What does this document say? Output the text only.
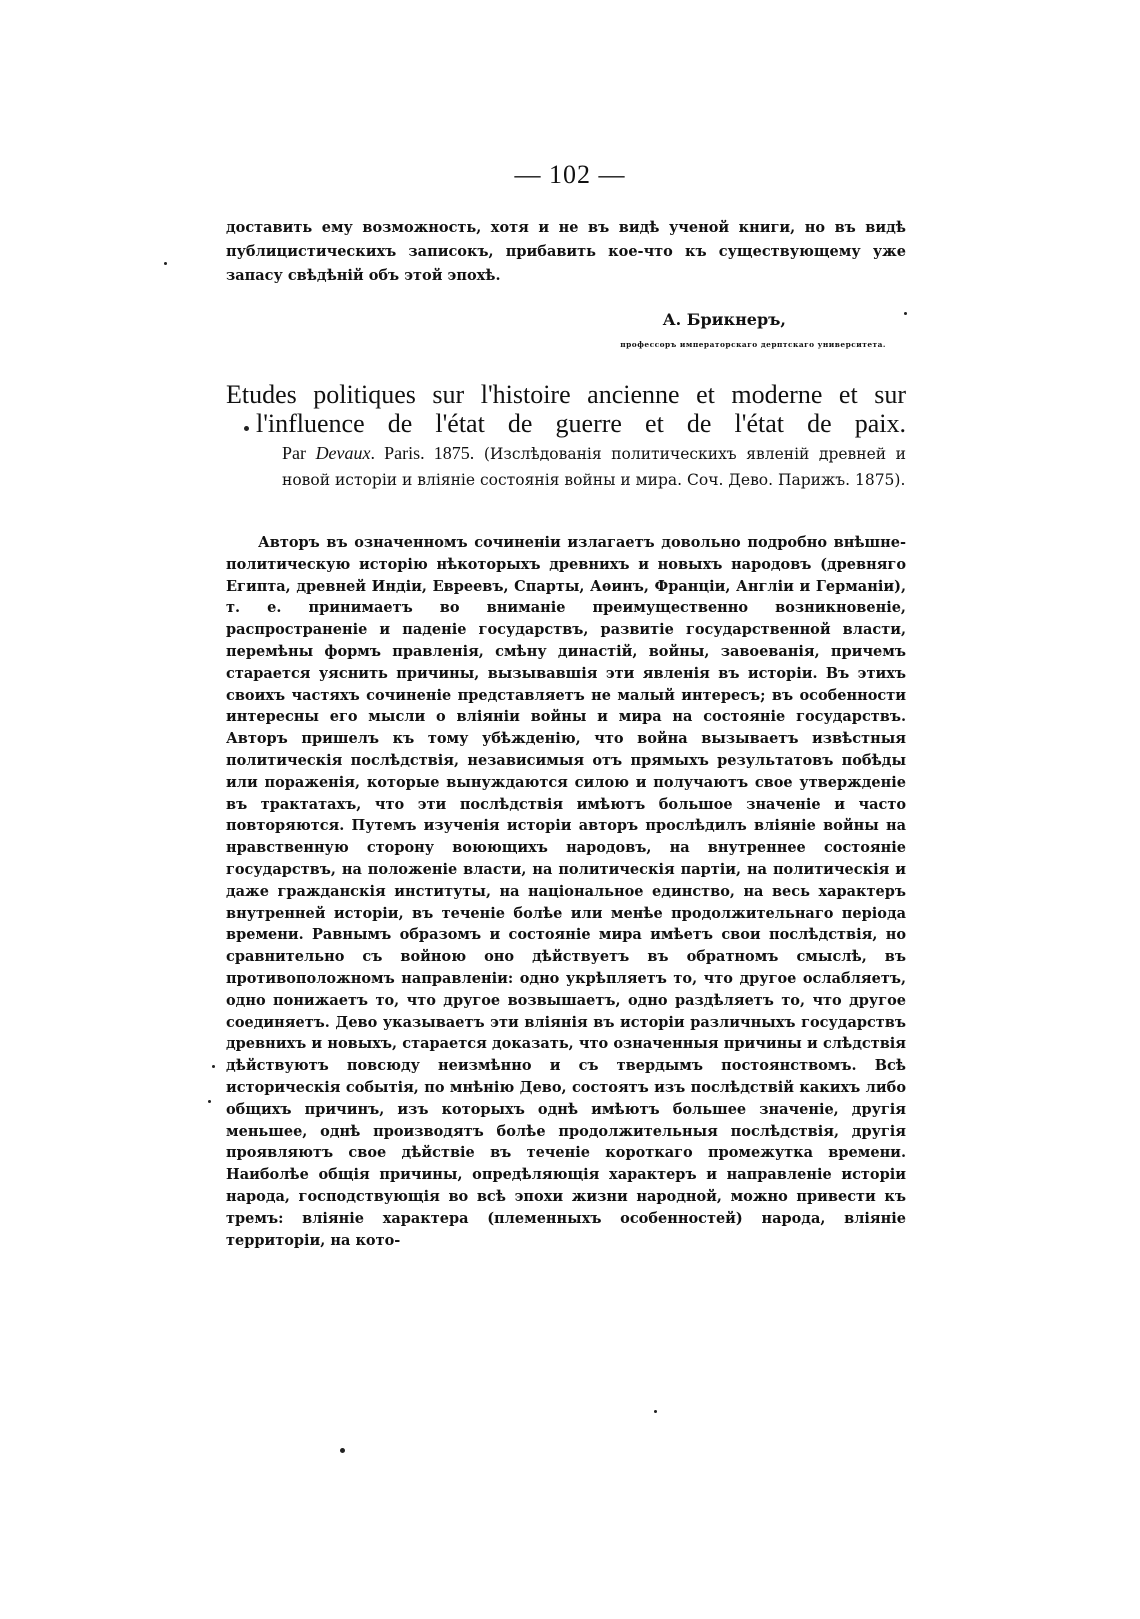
— 102 —
доставить ему возможность, хотя и не въ видѣ ученой книги, но въ видѣ публицистическихъ записокъ, прибавить кое-что къ существующему уже запасу свѣдѣній объ этой эпохѣ.
А. Брикнеръ,
профессоръ императорскаго дерптскаго университета.
Etudes politiques sur l'histoire ancienne et moderne et sur
l'influence de l'état de guerre et de l'état de paix.
Par Devaux. Paris. 1875. (Изслѣдованія политическихъ явленій древней и новой исторіи и вліяніе состоянія войны и мира. Соч. Дево. Парижъ. 1875).
Авторъ въ означенномъ сочиненіи излагаетъ довольно подробно внѣшне-политическую исторію нѣкоторыхъ древнихъ и новыхъ народовъ (древняго Египта, древней Индіи, Евреевъ, Спарты, Аѳинъ, Франціи, Англіи и Германіи), т. е. принимаетъ во вниманіе преимущественно возникновеніе, распространеніе и паденіе государствъ, развитіе государственной власти, перемѣны формъ правленія, смѣну династій, войны, завоеванія, причемъ старается уяснить причины, вызывавшія эти явленія въ исторіи. Въ этихъ своихъ частяхъ сочиненіе представляетъ не малый интересъ; въ особенности интересны его мысли о вліяніи войны и мира на состояніе государствъ. Авторъ пришелъ къ тому убѣжденію, что война вызываетъ извѣстныя политическія послѣдствія, независимыя отъ прямыхъ результатовъ побѣды или пораженія, которые вынуждаются силою и получаютъ свое утвержденіе въ трактатахъ, что эти послѣдствія имѣютъ большое значеніе и часто повторяются. Путемъ изученія исторіи авторъ прослѣдилъ вліяніе войны на нравственную сторону воюющихъ народовъ, на внутреннее состояніе государствъ, на положеніе власти, на политическія партіи, на политическія и даже гражданскія институты, на національное единство, на весь характеръ внутренней исторіи, въ теченіе болѣе или менѣе продолжительнаго періода времени. Равнымъ образомъ и состояніе мира имѣетъ свои послѣдствія, но сравнительно съ войною оно дѣйствуетъ въ обратномъ смыслѣ, въ противоположномъ направленіи: одно укрѣпляетъ то, что другое ослабляетъ, одно понижаетъ то, что другое возвышаетъ, одно раздѣляетъ то, что другое соединяетъ. Дево указываетъ эти вліянія въ исторіи различныхъ государствъ древнихъ и новыхъ, старается доказать, что означенныя причины и слѣдствія дѣйствуютъ повсюду неизмѣнно и съ твердымъ постоянствомъ. Всѣ историческія событія, по мнѣнію Дево, состоятъ изъ послѣдствій какихъ либо общихъ причинъ, изъ которыхъ однѣ имѣютъ большее значеніе, другія меньшее, однѣ производятъ болѣе продолжительныя послѣдствія, другія проявляютъ свое дѣйствіе въ теченіе короткаго промежутка времени. Наиболѣе общія причины, опредѣляющія характеръ и направленіе исторіи народа, господствующія во всѣ эпохи жизни народной, можно привести къ тремъ: вліяніе характера (племенныхъ особенностей) народа, вліяніе территоріи, на кото-
